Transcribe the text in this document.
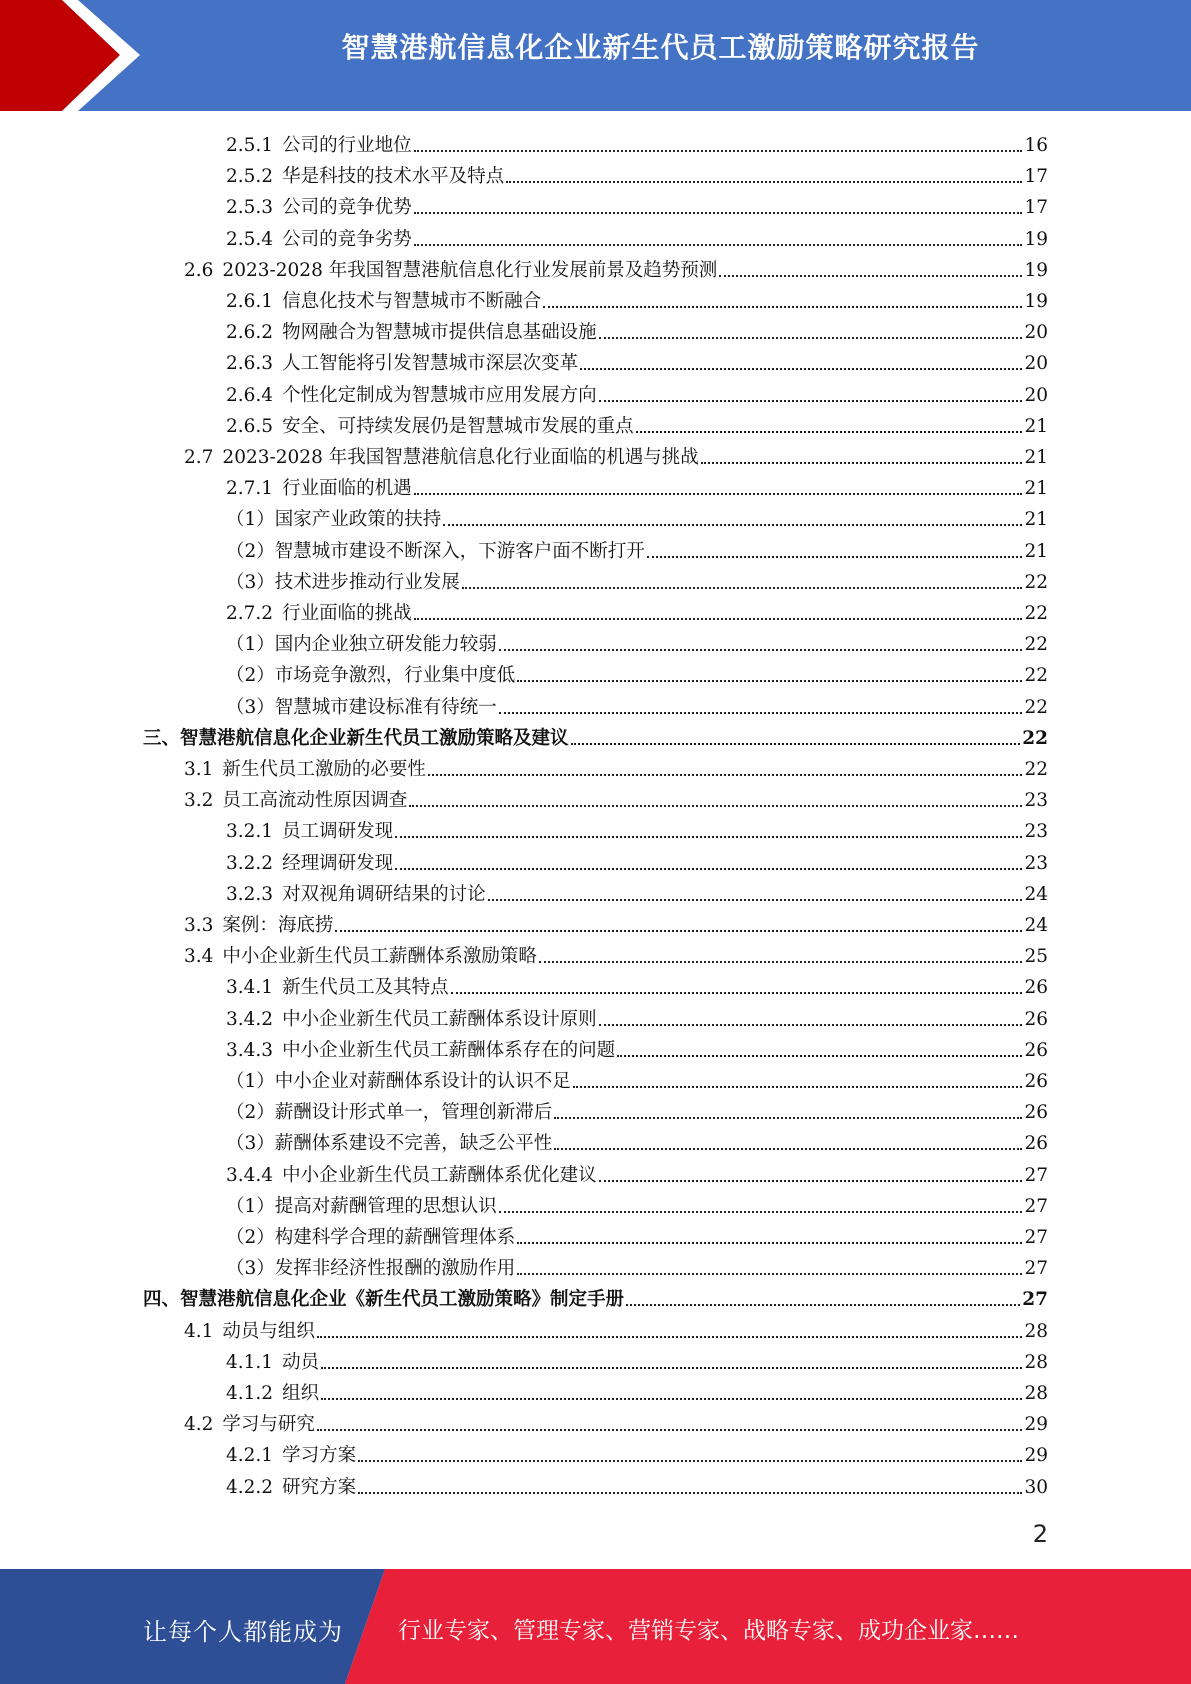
智慧港航信息化企业新生代员工激励策略研究报告
2.5.1 公司的行业地位	16
2.5.2 华是科技的技术水平及特点	17
2.5.3 公司的竞争优势	17
2.5.4 公司的竞争劣势	19
2.6 2023-2028 年我国智慧港航信息化行业发展前景及趋势预测	19
2.6.1 信息化技术与智慧城市不断融合	19
2.6.2 物网融合为智慧城市提供信息基础设施	20
2.6.3 人工智能将引发智慧城市深层次变革	20
2.6.4 个性化定制成为智慧城市应用发展方向	20
2.6.5 安全、可持续发展仍是智慧城市发展的重点	21
2.7 2023-2028 年我国智慧港航信息化行业面临的机遇与挑战	21
2.7.1 行业面临的机遇	21
（1） 国家产业政策的扶持	21
（2） 智慧城市建设不断深入，下游客户面不断打开	21
（3） 技术进步推动行业发展	22
2.7.2 行业面临的挑战	22
（1） 国内企业独立研发能力较弱	22
（2） 市场竞争激烈，行业集中度低	22
（3） 智慧城市建设标准有待统一	22
三、 智慧港航信息化企业新生代员工激励策略及建议	22
3.1 新生代员工激励的必要性	22
3.2 员工高流动性原因调查	23
3.2.1 员工调研发现	23
3.2.2 经理调研发现	23
3.2.3 对双视角调研结果的讨论	24
3.3 案例：海底捞	24
3.4 中小企业新生代员工薪酬体系激励策略	25
3.4.1 新生代员工及其特点	26
3.4.2 中小企业新生代员工薪酬体系设计原则	26
3.4.3 中小企业新生代员工薪酬体系存在的问题	26
（1） 中小企业对薪酬体系设计的认识不足	26
（2） 薪酬设计形式单一，管理创新滞后	26
（3） 薪酬体系建设不完善，缺乏公平性	26
3.4.4 中小企业新生代员工薪酬体系优化建议	27
（1） 提高对薪酬管理的思想认识	27
（2） 构建科学合理的薪酬管理体系	27
（3） 发挥非经济性报酬的激励作用	27
四、 智慧港航信息化企业《新生代员工激励策略》制定手册	27
4.1 动员与组织	28
4.1.1 动员	28
4.1.2 组织	28
4.2 学习与研究	29
4.2.1 学习方案	29
4.2.2 研究方案	30
2
让每个人都能成为 行业专家、管理专家、营销专家、战略专家、成功企业家……
